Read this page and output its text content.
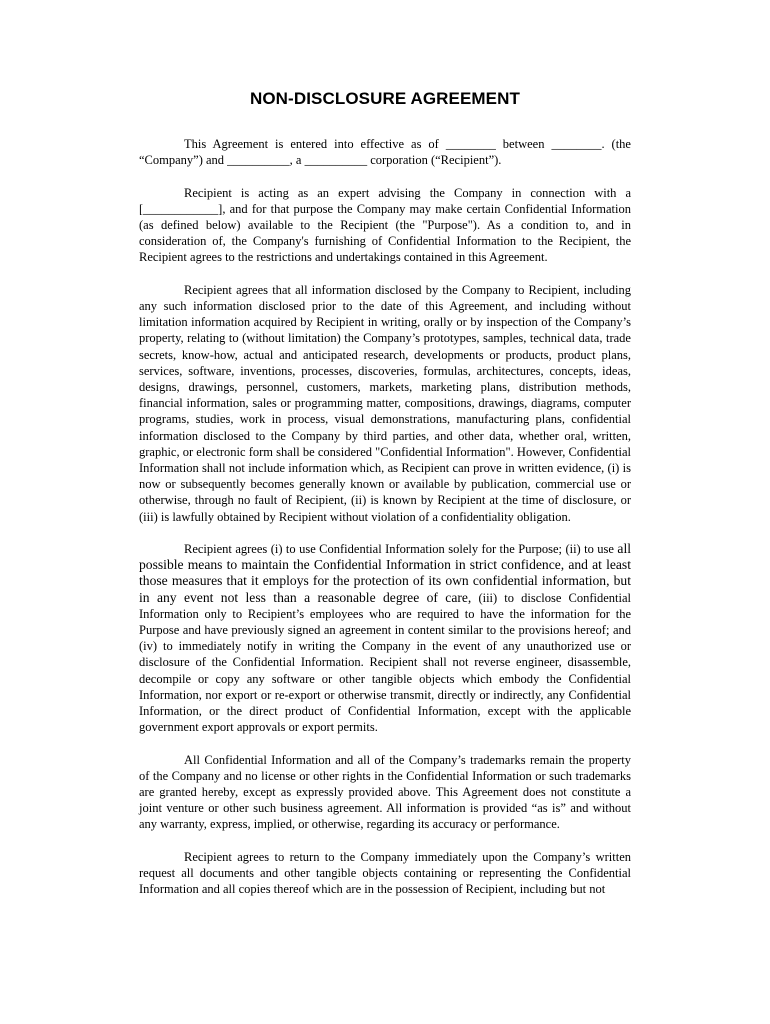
NON-DISCLOSURE AGREEMENT

This Agreement is entered into effective as of ________ between ________. (the “Company”) and __________, a __________ corporation (“Recipient”).

Recipient is acting as an expert advising the Company in connection with a [____________], and for that purpose the Company may make certain Confidential Information (as defined below) available to the Recipient (the "Purpose"). As a condition to, and in consideration of, the Company's furnishing of Confidential Information to the Recipient, the Recipient agrees to the restrictions and undertakings contained in this Agreement.

Recipient agrees that all information disclosed by the Company to Recipient, including any such information disclosed prior to the date of this Agreement, and including without limitation information acquired by Recipient in writing, orally or by inspection of the Company’s property, relating to (without limitation) the Company’s prototypes, samples, technical data, trade secrets, know-how, actual and anticipated research, developments or products, product plans, services, software, inventions, processes, discoveries, formulas, architectures, concepts, ideas, designs, drawings, personnel, customers, markets, marketing plans, distribution methods, financial information, sales or programming matter, compositions, drawings, diagrams, computer programs, studies, work in process, visual demonstrations, manufacturing plans, confidential information disclosed to the Company by third parties, and other data, whether oral, written, graphic, or electronic form shall be considered "Confidential Information". However, Confidential Information shall not include information which, as Recipient can prove in written evidence, (i) is now or subsequently becomes generally known or available by publication, commercial use or otherwise, through no fault of Recipient, (ii) is known by Recipient at the time of disclosure, or (iii) is lawfully obtained by Recipient without violation of a confidentiality obligation.

Recipient agrees (i) to use Confidential Information solely for the Purpose; (ii) to use all possible means to maintain the Confidential Information in strict confidence, and at least those measures that it employs for the protection of its own confidential information, but in any event not less than a reasonable degree of care, (iii) to disclose Confidential Information only to Recipient’s employees who are required to have the information for the Purpose and have previously signed an agreement in content similar to the provisions hereof; and (iv) to immediately notify in writing the Company in the event of any unauthorized use or disclosure of the Confidential Information. Recipient shall not reverse engineer, disassemble, decompile or copy any software or other tangible objects which embody the Confidential Information, nor export or re-export or otherwise transmit, directly or indirectly, any Confidential Information, or the direct product of Confidential Information, except with the applicable government export approvals or export permits.

All Confidential Information and all of the Company’s trademarks remain the property of the Company and no license or other rights in the Confidential Information or such trademarks are granted hereby, except as expressly provided above. This Agreement does not constitute a joint venture or other such business agreement. All information is provided “as is” and without any warranty, express, implied, or otherwise, regarding its accuracy or performance.

Recipient agrees to return to the Company immediately upon the Company’s written request all documents and other tangible objects containing or representing the Confidential Information and all copies thereof which are in the possession of Recipient, including but not
